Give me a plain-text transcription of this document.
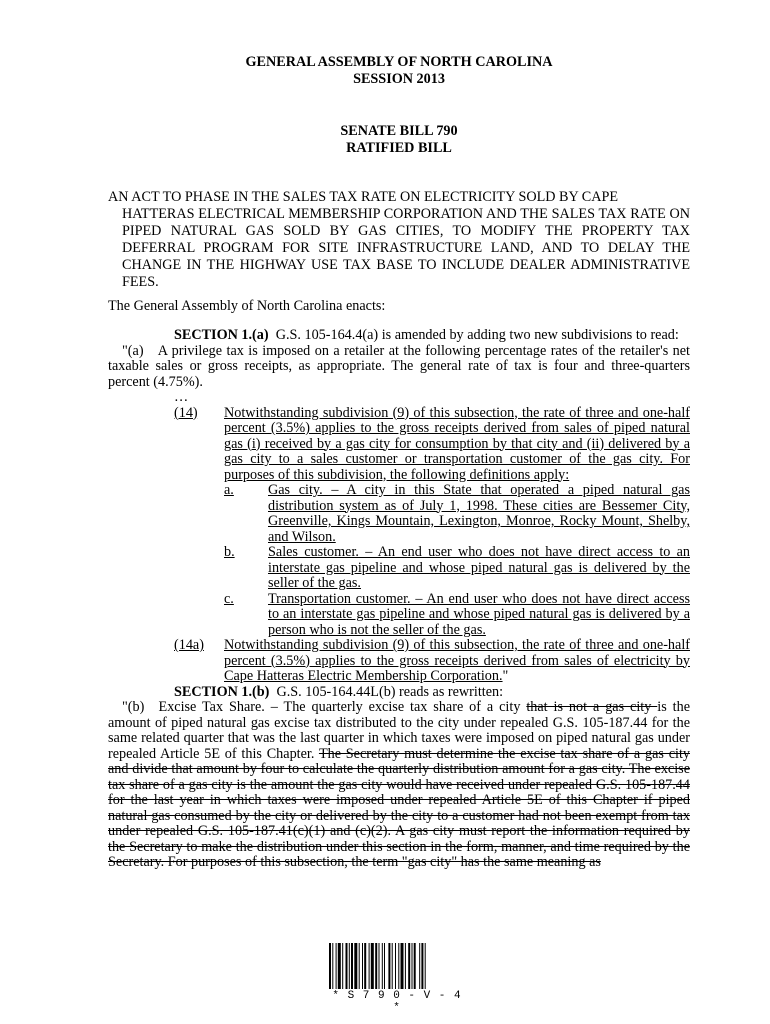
GENERAL ASSEMBLY OF NORTH CAROLINA
SESSION 2013
SENATE BILL 790
RATIFIED BILL
AN ACT TO PHASE IN THE SALES TAX RATE ON ELECTRICITY SOLD BY CAPE
HATTERAS ELECTRICAL MEMBERSHIP CORPORATION AND THE SALES TAX RATE ON PIPED NATURAL GAS SOLD BY GAS CITIES, TO MODIFY THE PROPERTY TAX DEFERRAL PROGRAM FOR SITE INFRASTRUCTURE LAND, AND TO DELAY THE CHANGE IN THE HIGHWAY USE TAX BASE TO INCLUDE DEALER ADMINISTRATIVE FEES.
The General Assembly of North Carolina enacts:

SECTION 1.(a) G.S. 105-164.4(a) is amended by adding two new subdivisions to read:

"(a) A privilege tax is imposed on a retailer at the following percentage rates of the retailer's net taxable sales or gross receipts, as appropriate. The general rate of tax is four and three-quarters percent (4.75%).

…

(14)	Notwithstanding subdivision (9) of this subsection, the rate of three and one-half percent (3.5%) applies to the gross receipts derived from sales of piped natural gas (i) received by a gas city for consumption by that city and (ii) delivered by a gas city to a sales customer or transportation customer of the gas city. For purposes of this subdivision, the following definitions apply:
a.	Gas city. – A city in this State that operated a piped natural gas distribution system as of July 1, 1998. These cities are Bessemer City, Greenville, Kings Mountain, Lexington, Monroe, Rocky Mount, Shelby, and Wilson.
b.	Sales customer. – An end user who does not have direct access to an interstate gas pipeline and whose piped natural gas is delivered by the seller of the gas.
c.	Transportation customer. – An end user who does not have direct access to an interstate gas pipeline and whose piped natural gas is delivered by a person who is not the seller of the gas.
(14a)	Notwithstanding subdivision (9) of this subsection, the rate of three and one-half percent (3.5%) applies to the gross receipts derived from sales of electricity by Cape Hatteras Electric Membership Corporation."

SECTION 1.(b) G.S. 105-164.44L(b) reads as rewritten:

"(b) Excise Tax Share. – The quarterly excise tax share of a city that is not a gas city is the amount of piped natural gas excise tax distributed to the city under repealed G.S. 105-187.44 for the same related quarter that was the last quarter in which taxes were imposed on piped natural gas under repealed Article 5E of this Chapter. The Secretary must determine the excise tax share of a gas city and divide that amount by four to calculate the quarterly distribution amount for a gas city. The excise tax share of a gas city is the amount the gas city would have received under repealed G.S. 105-187.44 for the last year in which taxes were imposed under repealed Article 5E of this Chapter if piped natural gas consumed by the city or delivered by the city to a customer had not been exempt from tax under repealed G.S. 105-187.41(c)(1) and (c)(2). A gas city must report the information required by the Secretary to make the distribution under this section in the form, manner, and time required by the Secretary. For purposes of this subsection, the term "gas city" has the same meaning as

* S 7 9 0 - V - 4 *
